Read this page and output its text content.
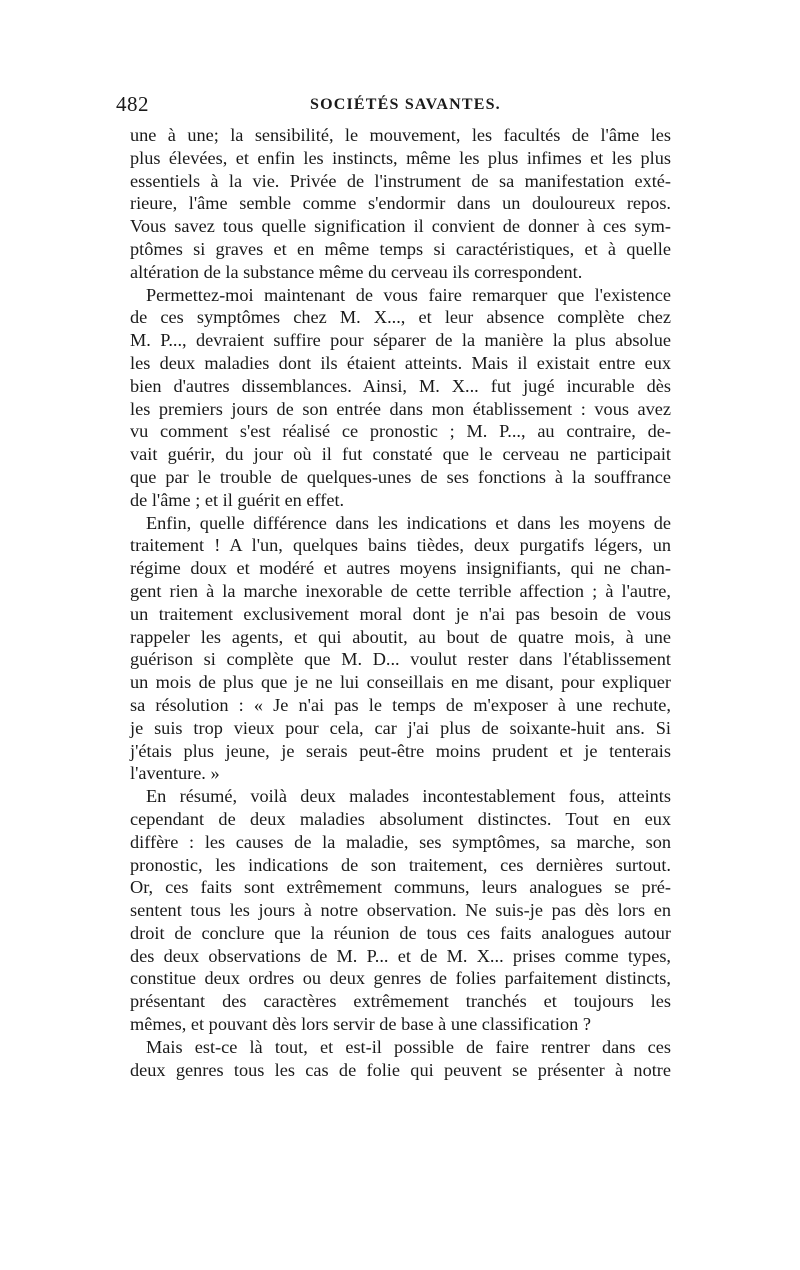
482	SOCIÉTÉS SAVANTES.
une à une; la sensibilité, le mouvement, les facultés de l'âme les
plus élevées, et enfin les instincts, même les plus infimes et les plus
essentiels à la vie. Privée de l'instrument de sa manifestation exté-
rieure, l'âme semble comme s'endormir dans un douloureux repos.
Vous savez tous quelle signification il convient de donner à ces sym-
ptômes si graves et en même temps si caractéristiques, et à quelle
altération de la substance même du cerveau ils correspondent.
Permettez-moi maintenant de vous faire remarquer que l'existence
de ces symptômes chez M. X..., et leur absence complète chez
M. P..., devraient suffire pour séparer de la manière la plus absolue
les deux maladies dont ils étaient atteints. Mais il existait entre eux
bien d'autres dissemblances. Ainsi, M. X... fut jugé incurable dès
les premiers jours de son entrée dans mon établissement : vous avez
vu comment s'est réalisé ce pronostic ; M. P..., au contraire, de-
vait guérir, du jour où il fut constaté que le cerveau ne participait
que par le trouble de quelques-unes de ses fonctions à la souffrance
de l'âme ; et il guérit en effet.
Enfin, quelle différence dans les indications et dans les moyens de
traitement ! A l'un, quelques bains tièdes, deux purgatifs légers, un
régime doux et modéré et autres moyens insignifiants, qui ne chan-
gent rien à la marche inexorable de cette terrible affection ; à l'autre,
un traitement exclusivement moral dont je n'ai pas besoin de vous
rappeler les agents, et qui aboutit, au bout de quatre mois, à une
guérison si complète que M. D... voulut rester dans l'établissement
un mois de plus que je ne lui conseillais en me disant, pour expliquer
sa résolution : « Je n'ai pas le temps de m'exposer à une rechute,
je suis trop vieux pour cela, car j'ai plus de soixante-huit ans. Si
j'étais plus jeune, je serais peut-être moins prudent et je tenterais
l'aventure. »
En résumé, voilà deux malades incontestablement fous, atteints
cependant de deux maladies absolument distinctes. Tout en eux
diffère : les causes de la maladie, ses symptômes, sa marche, son
pronostic, les indications de son traitement, ces dernières surtout.
Or, ces faits sont extrêmement communs, leurs analogues se pré-
sentent tous les jours à notre observation. Ne suis-je pas dès lors en
droit de conclure que la réunion de tous ces faits analogues autour
des deux observations de M. P... et de M. X... prises comme types,
constitue deux ordres ou deux genres de folies parfaitement distincts,
présentant des caractères extrêmement tranchés et toujours les
mêmes, et pouvant dès lors servir de base à une classification ?
Mais est-ce là tout, et est-il possible de faire rentrer dans ces
deux genres tous les cas de folie qui peuvent se présenter à notre
